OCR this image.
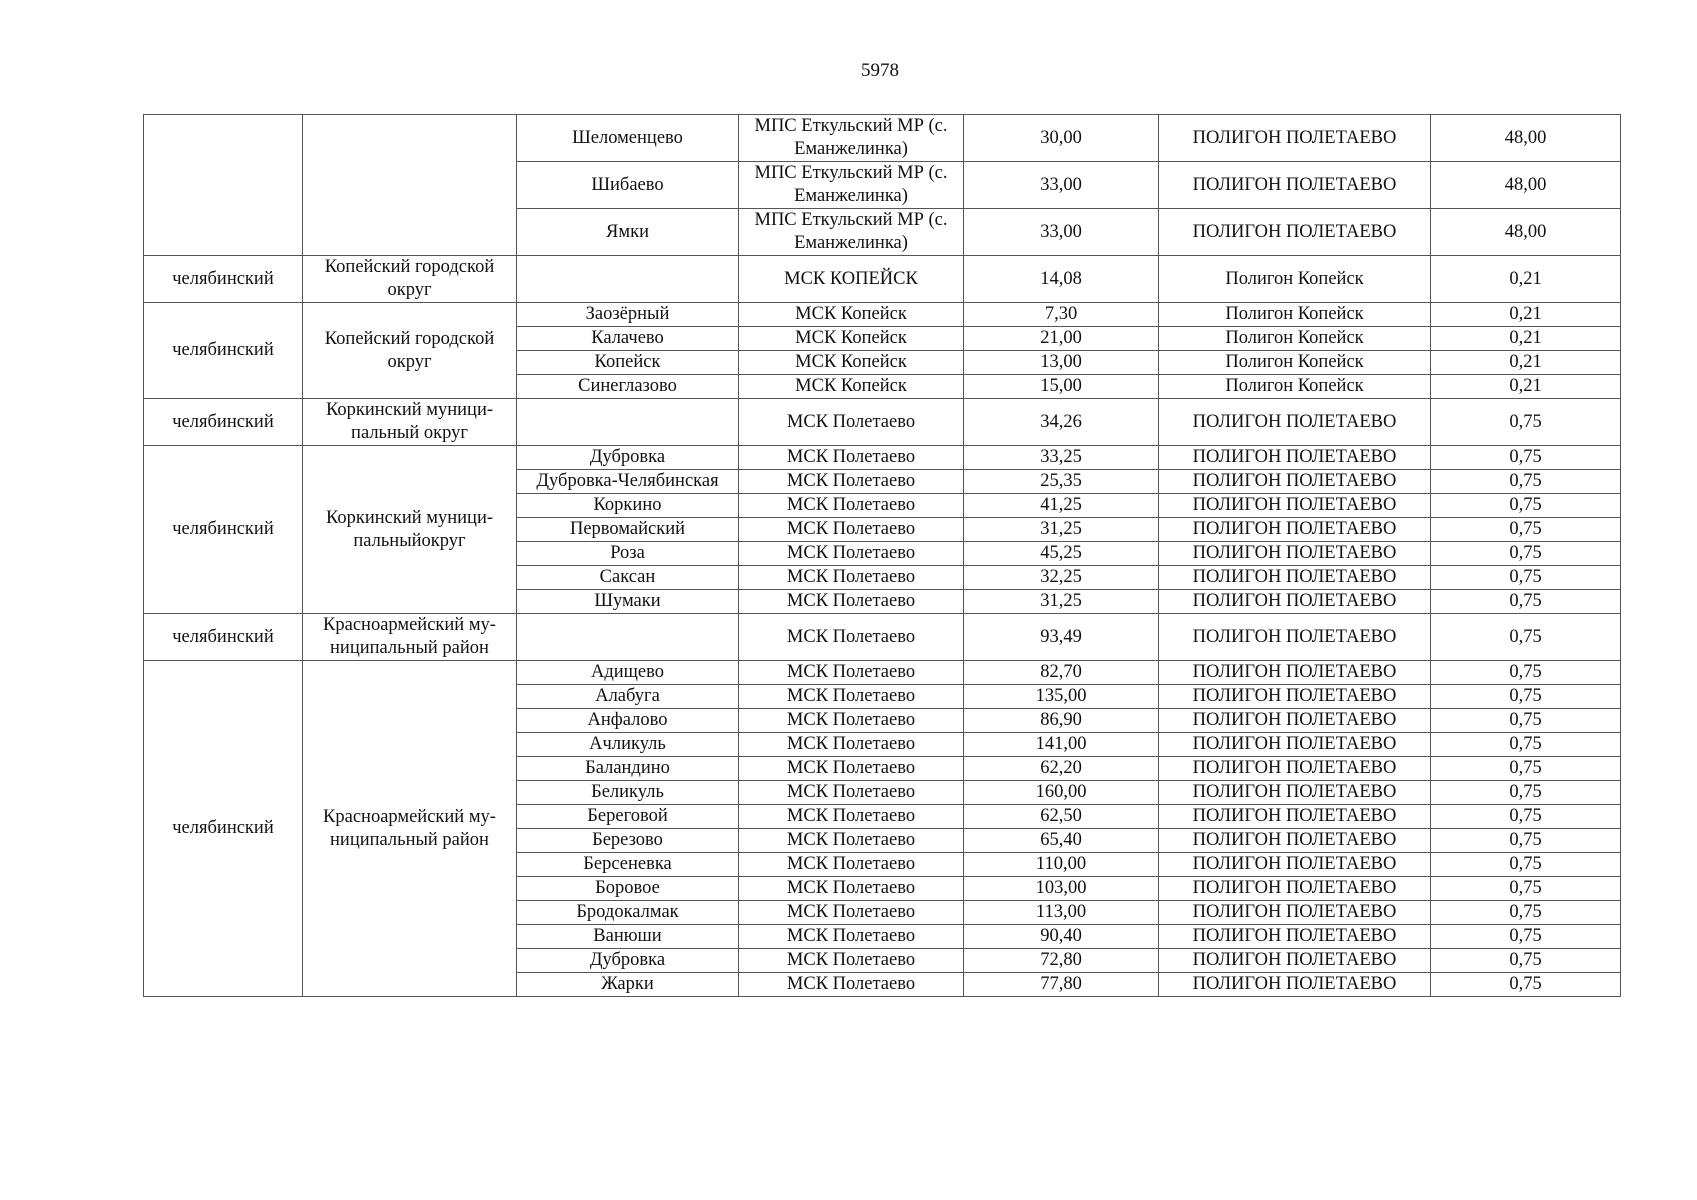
5978
		Шеломенцево	МПС Еткульский МР (с. Еманжелинка)	30,00	ПОЛИГОН ПОЛЕТАЕВО	48,00
		Шибаево	МПС Еткульский МР (с. Еманжелинка)	33,00	ПОЛИГОН ПОЛЕТАЕВО	48,00
		Ямки	МПС Еткульский МР (с. Еманжелинка)	33,00	ПОЛИГОН ПОЛЕТАЕВО	48,00
челябинский	Копейский городской округ		МСК КОПЕЙСК	14,08	Полигон Копейск	0,21
челябинский	Копейский городской округ	Заозёрный	МСК Копейск	7,30	Полигон Копейск	0,21
		Калачево	МСК Копейск	21,00	Полигон Копейск	0,21
		Копейск	МСК Копейск	13,00	Полигон Копейск	0,21
		Синеглазово	МСК Копейск	15,00	Полигон Копейск	0,21
челябинский	Коркинский муници-пальный округ		МСК Полетаево	34,26	ПОЛИГОН ПОЛЕТАЕВО	0,75
челябинский	Коркинский муници-пальныйокруг	Дубровка	МСК Полетаево	33,25	ПОЛИГОН ПОЛЕТАЕВО	0,75
		Дубровка-Челябинская	МСК Полетаево	25,35	ПОЛИГОН ПОЛЕТАЕВО	0,75
		Коркино	МСК Полетаево	41,25	ПОЛИГОН ПОЛЕТАЕВО	0,75
		Первомайский	МСК Полетаево	31,25	ПОЛИГОН ПОЛЕТАЕВО	0,75
		Роза	МСК Полетаево	45,25	ПОЛИГОН ПОЛЕТАЕВО	0,75
		Саксан	МСК Полетаево	32,25	ПОЛИГОН ПОЛЕТАЕВО	0,75
		Шумаки	МСК Полетаево	31,25	ПОЛИГОН ПОЛЕТАЕВО	0,75
челябинский	Красноармейский му-ниципальный район		МСК Полетаево	93,49	ПОЛИГОН ПОЛЕТАЕВО	0,75
челябинский	Красноармейский му-ниципальный район	Адищево	МСК Полетаево	82,70	ПОЛИГОН ПОЛЕТАЕВО	0,75
		Алабуга	МСК Полетаево	135,00	ПОЛИГОН ПОЛЕТАЕВО	0,75
		Анфалово	МСК Полетаево	86,90	ПОЛИГОН ПОЛЕТАЕВО	0,75
		Ачликуль	МСК Полетаево	141,00	ПОЛИГОН ПОЛЕТАЕВО	0,75
		Баландино	МСК Полетаево	62,20	ПОЛИГОН ПОЛЕТАЕВО	0,75
		Беликуль	МСК Полетаево	160,00	ПОЛИГОН ПОЛЕТАЕВО	0,75
		Береговой	МСК Полетаево	62,50	ПОЛИГОН ПОЛЕТАЕВО	0,75
		Березово	МСК Полетаево	65,40	ПОЛИГОН ПОЛЕТАЕВО	0,75
		Берсеневка	МСК Полетаево	110,00	ПОЛИГОН ПОЛЕТАЕВО	0,75
		Боровое	МСК Полетаево	103,00	ПОЛИГОН ПОЛЕТАЕВО	0,75
		Бродокалмак	МСК Полетаево	113,00	ПОЛИГОН ПОЛЕТАЕВО	0,75
		Ванюши	МСК Полетаево	90,40	ПОЛИГОН ПОЛЕТАЕВО	0,75
		Дубровка	МСК Полетаево	72,80	ПОЛИГОН ПОЛЕТАЕВО	0,75
		Жарки	МСК Полетаево	77,80	ПОЛИГОН ПОЛЕТАЕВО	0,75
